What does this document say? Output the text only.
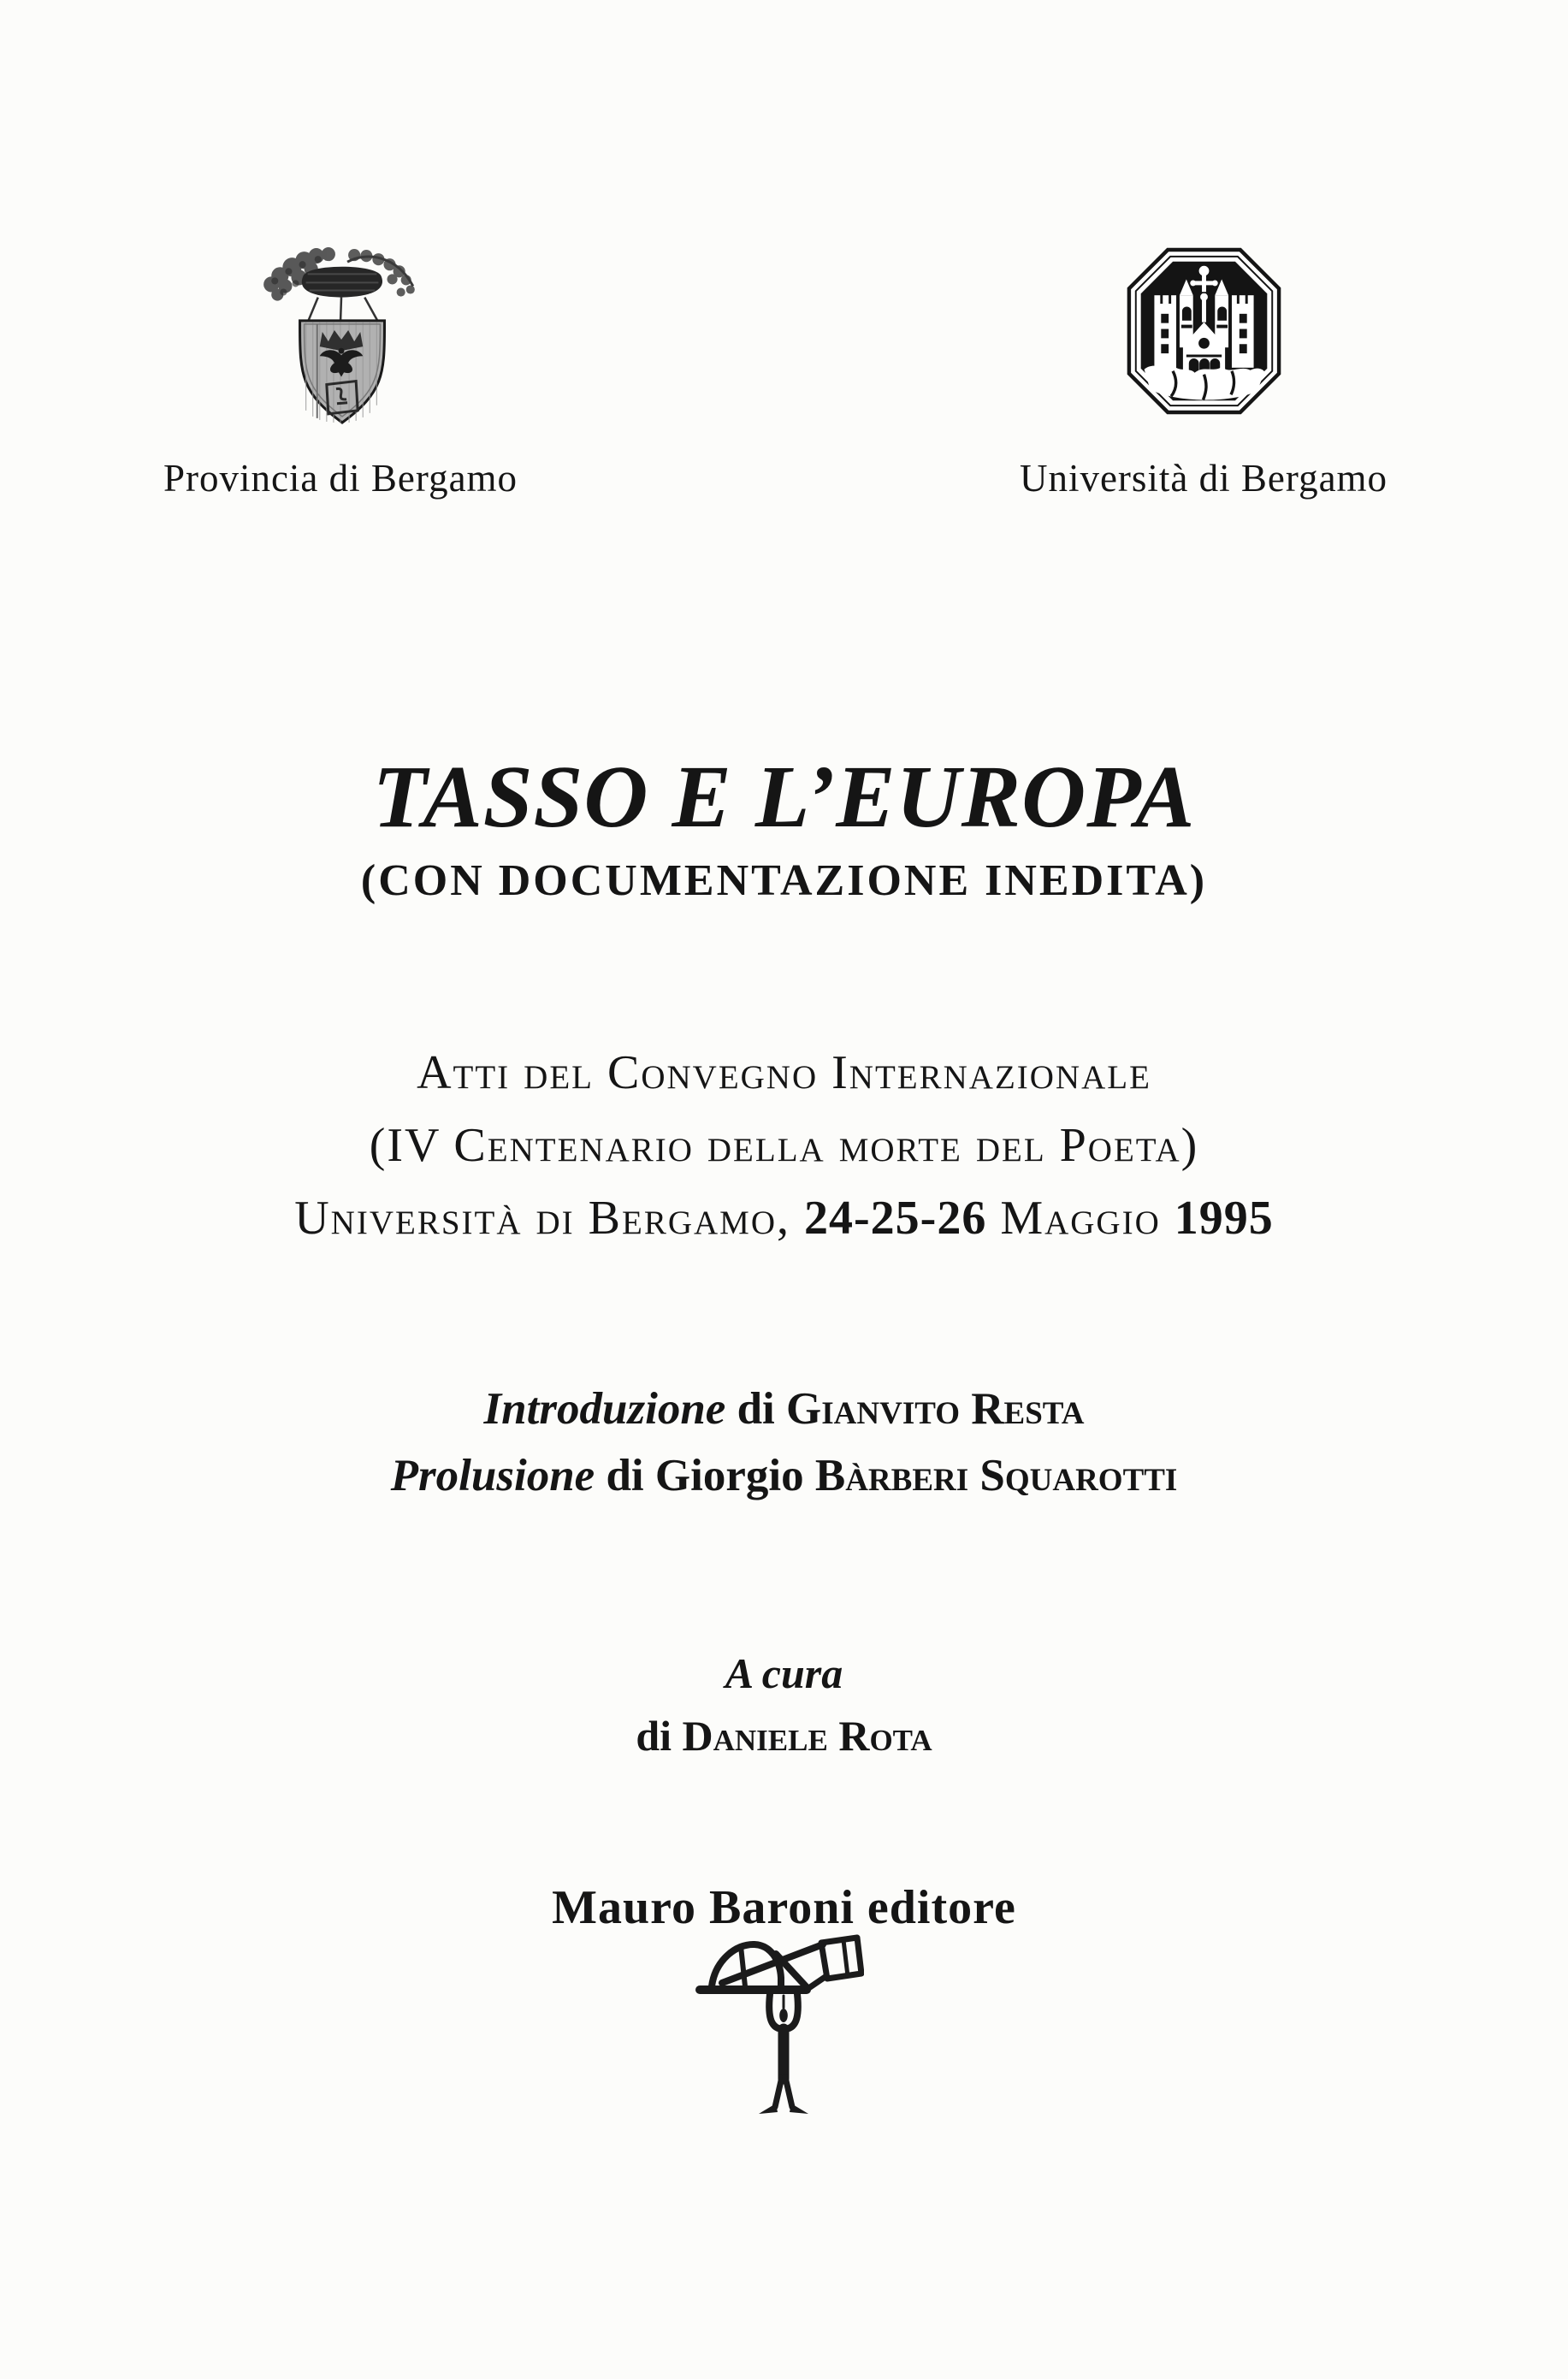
Provincia di Bergamo	Università di Bergamo
TASSO E L’EUROPA
(CON DOCUMENTAZIONE INEDITA)

Atti del Convegno Internazionale

(IV Centenario della morte del Poeta)

Università di Bergamo, 24-25-26 Maggio 1995

Introduzione di Gianvito Resta

Prolusione di Giorgio Bàrberi Squarotti

A cura

di Daniele Rota

Mauro Baroni editore
